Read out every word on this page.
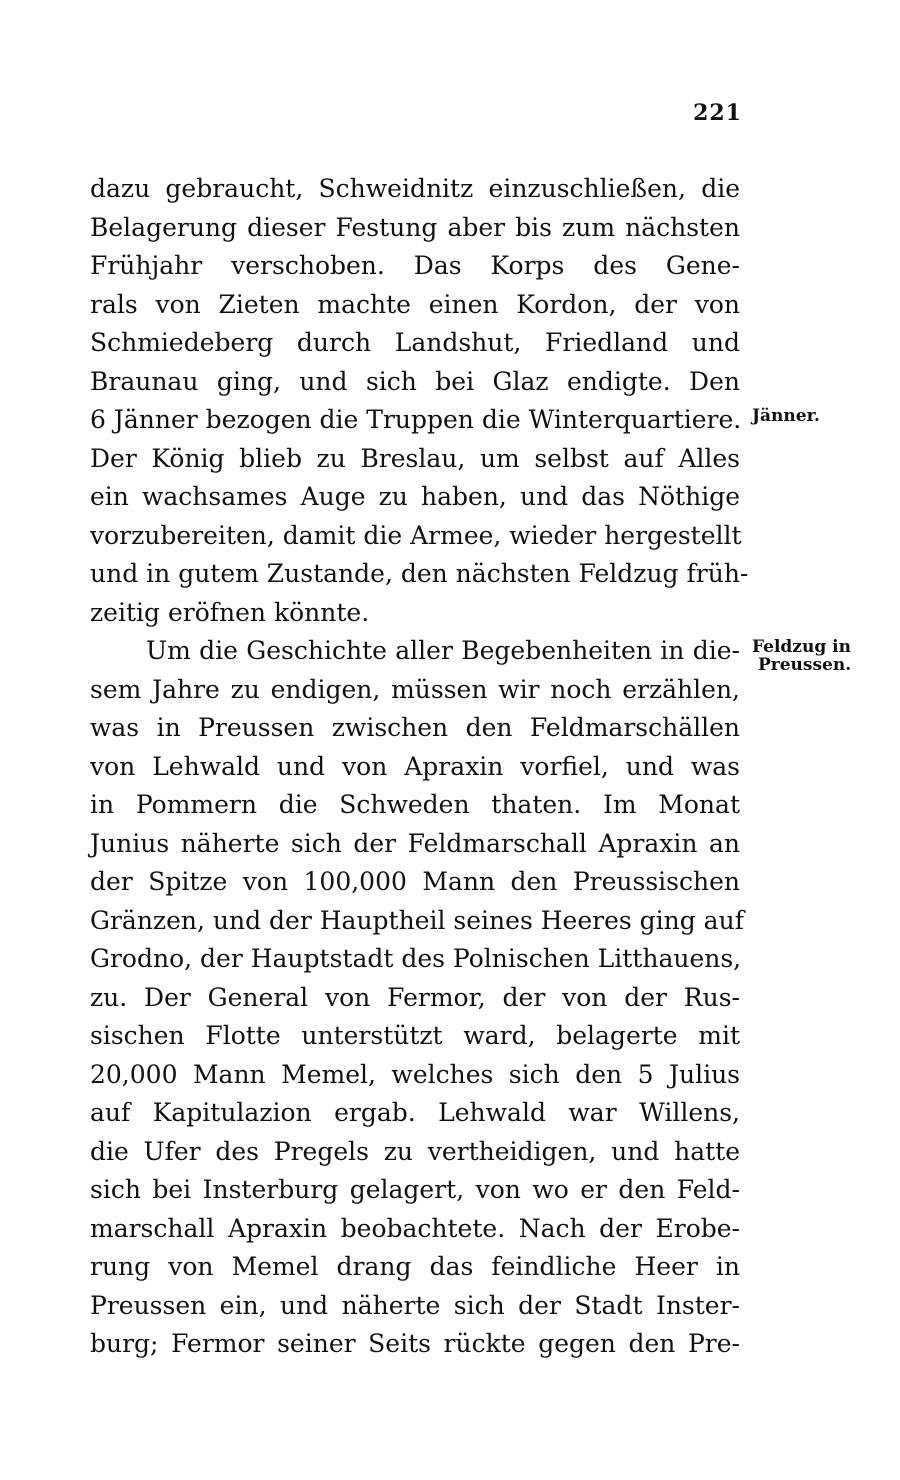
221
dazu gebraucht, Schweidnitz einzuschließen, die
Belagerung dieser Festung aber bis zum nächsten
Frühjahr verschoben. Das Korps des Gene-
rals von Zieten machte einen Kordon, der von
Schmiedeberg durch Landshut, Friedland und
Braunau ging, und sich bei Glaz endigte. Den
6 Jänner bezogen die Truppen die Winterquartiere.
Der König blieb zu Breslau, um selbst auf Alles
ein wachsames Auge zu haben, und das Nöthige
vorzubereiten, damit die Armee, wieder hergestellt
und in gutem Zustande, den nächsten Feldzug früh-
zeitig eröfnen könnte.
Um die Geschichte aller Begebenheiten in die-
sem Jahre zu endigen, müssen wir noch erzählen,
was in Preussen zwischen den Feldmarschällen
von Lehwald und von Apraxin vorfiel, und was
in Pommern die Schweden thaten. Im Monat
Junius näherte sich der Feldmarschall Apraxin an
der Spitze von 100,000 Mann den Preussischen
Gränzen, und der Hauptheil seines Heeres ging auf
Grodno, der Hauptstadt des Polnischen Litthauens,
zu. Der General von Fermor, der von der Rus-
sischen Flotte unterstützt ward, belagerte mit
20,000 Mann Memel, welches sich den 5 Julius
auf Kapitulazion ergab. Lehwald war Willens,
die Ufer des Pregels zu vertheidigen, und hatte
sich bei Insterburg gelagert, von wo er den Feld-
marschall Apraxin beobachtete. Nach der Erobe-
rung von Memel drang das feindliche Heer in
Preussen ein, und näherte sich der Stadt Inster-
burg; Fermor seiner Seits rückte gegen den Pre-
Jänner.
Feldzug in
Preussen.
